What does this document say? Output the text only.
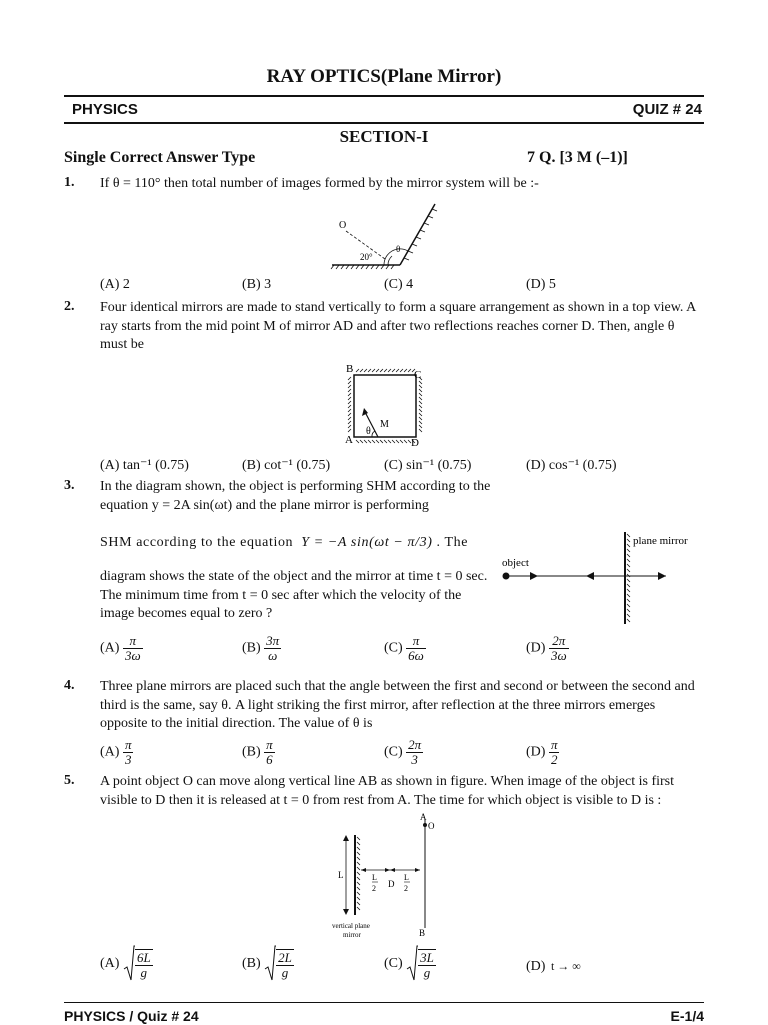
RAY OPTICS(Plane Mirror)
PHYSICS	QUIZ # 24
SECTION-I
Single Correct Answer Type	7 Q. [3 M (–1)]
1. If θ = 110° then total number of images formed by the mirror system will be :-
O
20°
θ
(A) 2	(B) 3	(C) 4	(D) 5
2. Four identical mirrors are made to stand vertically to form a square arrangement as shown in a top view. A ray starts from the mid point M of mirror AD and after two reflections reaches corner D. Then, angle θ must be
B	C
A	D
M
θ
(A) tan⁻¹ (0.75)	(B) cot⁻¹ (0.75)	(C) sin⁻¹ (0.75)	(D) cos⁻¹ (0.75)
3. In the diagram shown, the object is performing SHM according to the equation y = 2A sin(ωt) and the plane mirror is performing
SHM according to the equation Y = −A sin(ωt − π/3) . The
diagram shows the state of the object and the mirror at time t = 0 sec. The minimum time from t = 0 sec after which the velocity of the image becomes equal to zero ?
plane mirror
object
$(A) \frac{\pi}{3\omega}$	$(B) \frac{3\pi}{\omega}$	$(C) \frac{\pi}{6\omega}$	$(D) \frac{2\pi}{3\omega}$
4. Three plane mirrors are placed such that the angle between the first and second or between the second and third is the same, say θ. A light striking the first mirror, after reflection at the three mirrors emerges opposite to the initial direction. The value of θ is
$(A) \frac{\pi}{3}$	$(B) \frac{\pi}{6}$	$(C) \frac{2\pi}{3}$	$(D) \frac{\pi}{2}$
5. A point object O can move along vertical line AB as shown in figure. When image of the object is first visible to D then it is released at t = 0 from rest from A. The time for which object is visible to D is :
A
O
L	L
2 D
L
2
B
vertical plane
mirror
$(A) \frac{6L}{g}$	$(B) \frac{2L}{g}$	$(C) \frac{3L}{g}$	(D) t → ∞
PHYSICS / Quiz # 24	E-1/4
